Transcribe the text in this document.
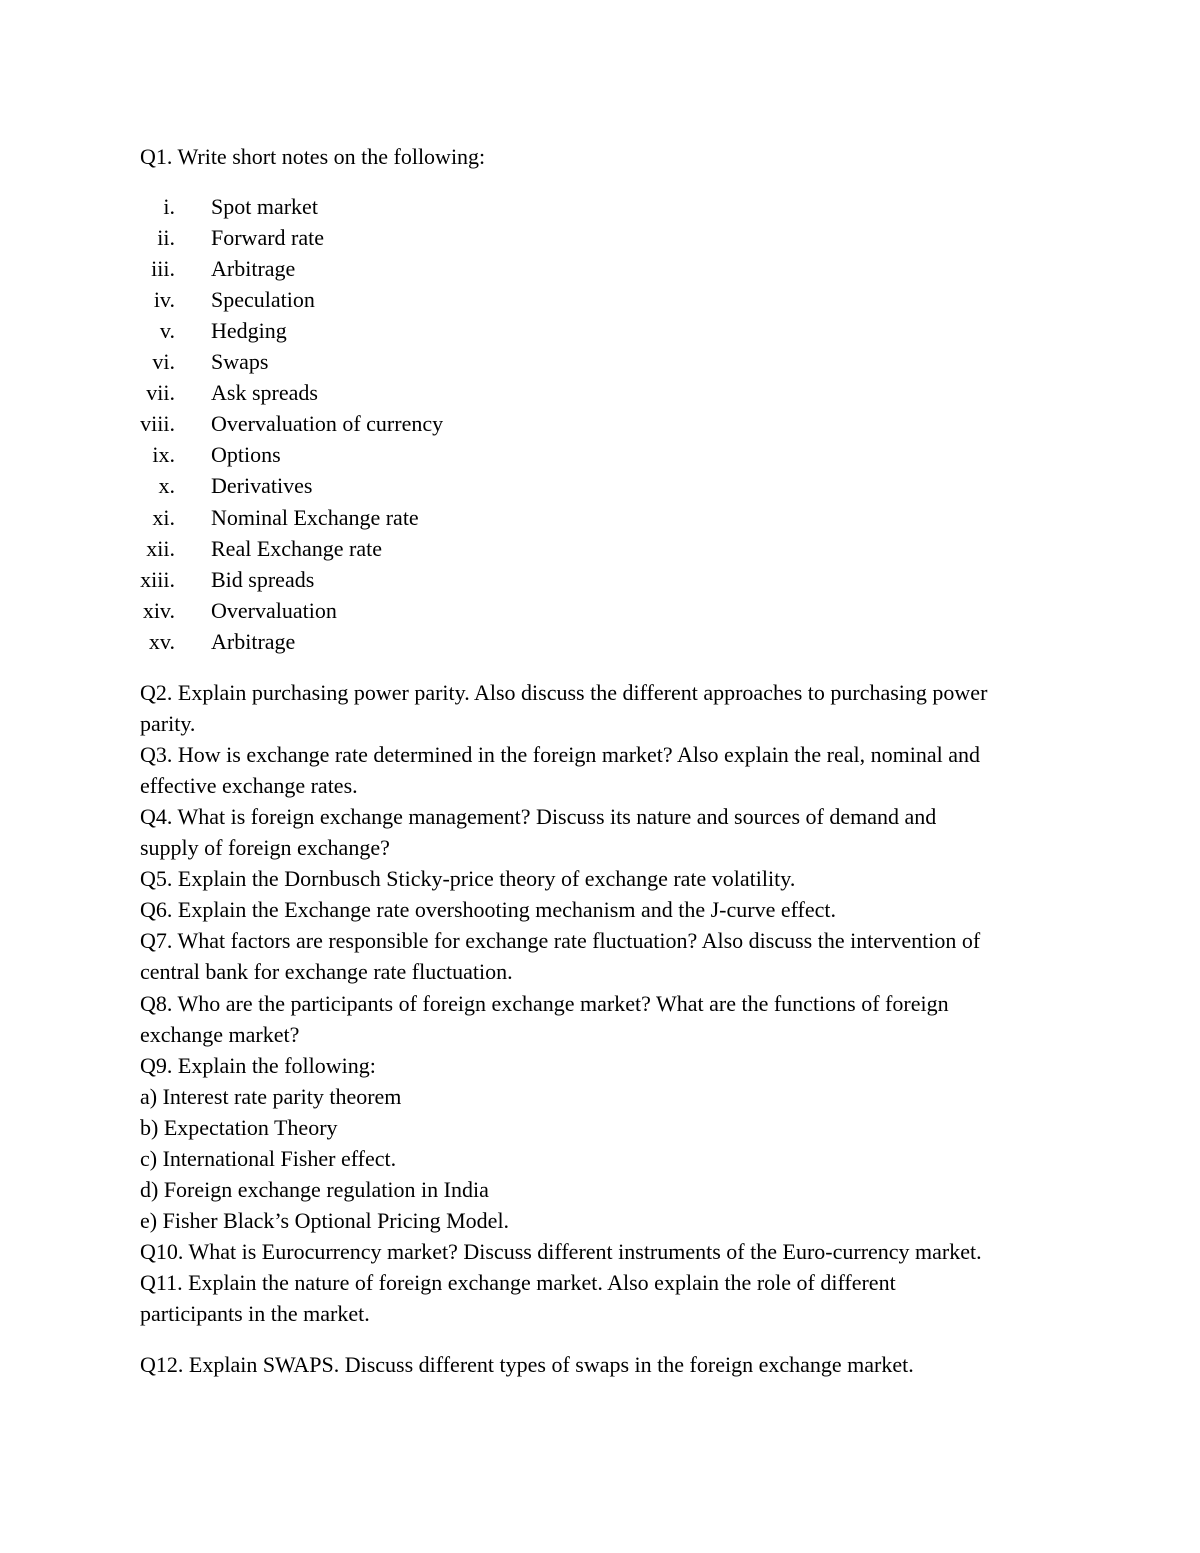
Q1. Write short notes on the following:
i. Spot market
ii. Forward rate
iii. Arbitrage
iv. Speculation
v. Hedging
vi. Swaps
vii. Ask spreads
viii. Overvaluation of currency
ix. Options
x. Derivatives
xi. Nominal Exchange rate
xii. Real Exchange rate
xiii. Bid spreads
xiv. Overvaluation
xv. Arbitrage
Q2. Explain purchasing power parity. Also discuss the different approaches to purchasing power
parity.
Q3. How is exchange rate determined in the foreign market? Also explain the real, nominal and
effective exchange rates.
Q4. What is foreign exchange management? Discuss its nature and sources of demand and
supply of foreign exchange?
Q5. Explain the Dornbusch Sticky-price theory of exchange rate volatility.
Q6. Explain the Exchange rate overshooting mechanism and the J-curve effect.
Q7. What factors are responsible for exchange rate fluctuation? Also discuss the intervention of
central bank for exchange rate fluctuation.
Q8. Who are the participants of foreign exchange market? What are the functions of foreign
exchange market?
Q9. Explain the following:
a) Interest rate parity theorem
b) Expectation Theory
c) International Fisher effect.
d) Foreign exchange regulation in India
e) Fisher Black’s Optional Pricing Model.
Q10. What is Eurocurrency market? Discuss different instruments of the Euro-currency market.
Q11. Explain the nature of foreign exchange market. Also explain the role of different
participants in the market.
Q12. Explain SWAPS. Discuss different types of swaps in the foreign exchange market.
